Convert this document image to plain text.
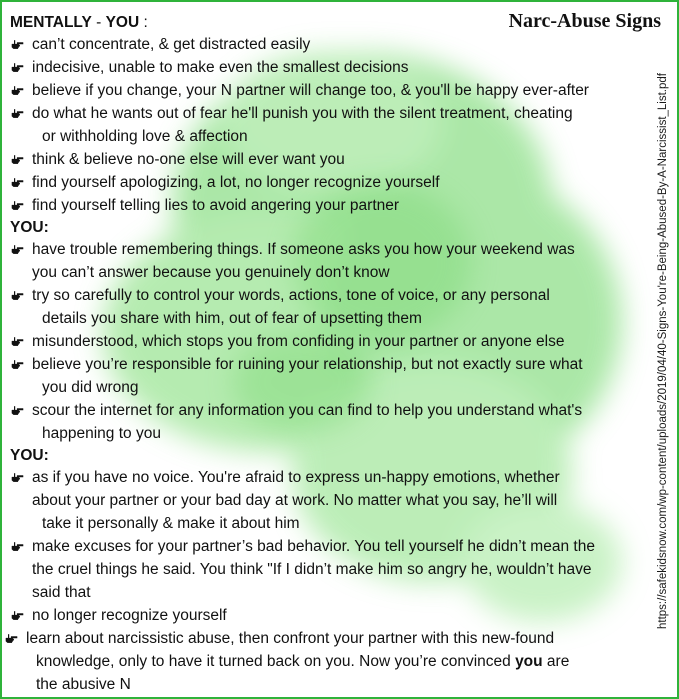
Narc-Abuse Signs
https://safekidsnow.com/wp-content/uploads/2019/04/40-Signs-You're-Being-Abused-By-A-Narcissist_List.pdf

MENTALLY - YOU :

can’t concentrate, & get distracted easily
indecisive, unable to make even the smallest decisions
believe if you change, your N partner will change too, & you'll be happy ever-after
do what he wants out of fear he'll punish you with the silent treatment, cheating
or withholding love & affection
think & believe no-one else will ever want you
find yourself apologizing, a lot, no longer recognize yourself
find yourself telling lies to avoid angering your partner

YOU:

have trouble remembering things. If someone asks you how your weekend was
you can’t answer because you genuinely don’t know
try so carefully to control your words, actions, tone of voice, or any personal
details you share with him, out of fear of upsetting them
misunderstood, which stops you from confiding in your partner or anyone else
believe you’re responsible for ruining your relationship, but not exactly sure what
you did wrong
scour the internet for any information you can find to help you understand what's
happening to you

YOU:

as if you have no voice. You're afraid to express un-happy emotions, whether
about your partner or your bad day at work. No matter what you say, he’ll will
take it personally & make it about him
make excuses for your partner’s bad behavior. You tell yourself he didn’t mean the
the cruel things he said. You think "If I didn’t make him so angry he, wouldn’t have
said that
no longer recognize yourself
learn about narcissistic abuse, then confront your partner with this new-found
knowledge, only to have it turned back on you. Now you’re convinced you are
the abusive N
